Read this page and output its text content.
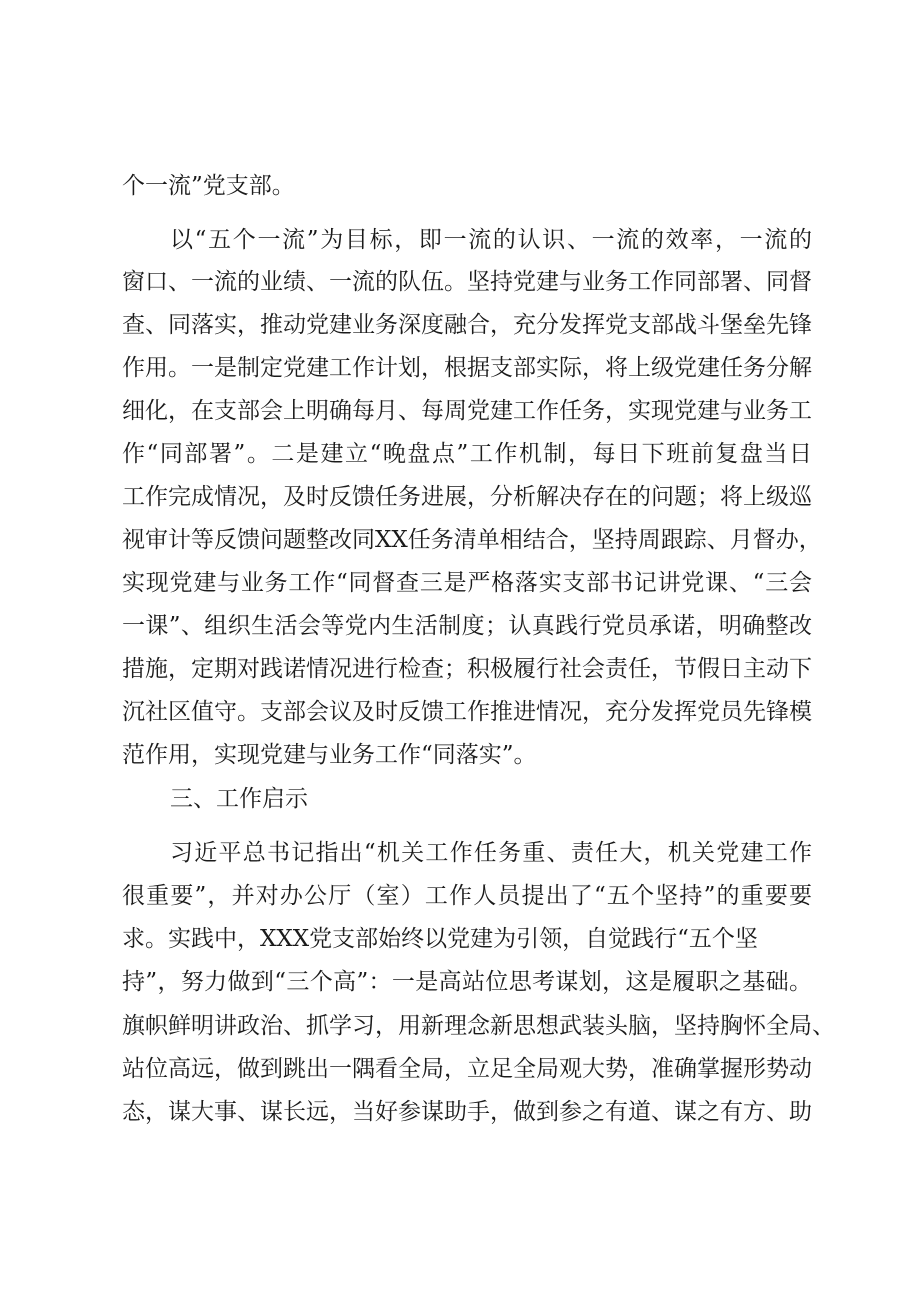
个一流”党支部。
以“五个一流”为目标，即一流的认识、一流的效率，一流的
窗口、一流的业绩、一流的队伍。坚持党建与业务工作同部署、同督
查、同落实，推动党建业务深度融合，充分发挥党支部战斗堡垒先锋
作用。一是制定党建工作计划，根据支部实际，将上级党建任务分解
细化，在支部会上明确每月、每周党建工作任务，实现党建与业务工
作“同部署”。二是建立“晚盘点”工作机制，每日下班前复盘当日
工作完成情况，及时反馈任务进展，分析解决存在的问题；将上级巡
视审计等反馈问题整改同XX任务清单相结合，坚持周跟踪、月督办，
实现党建与业务工作“同督查三是严格落实支部书记讲党课、“三会
一课”、组织生活会等党内生活制度；认真践行党员承诺，明确整改
措施，定期对践诺情况进行检查；积极履行社会责任，节假日主动下
沉社区值守。支部会议及时反馈工作推进情况，充分发挥党员先锋模
范作用，实现党建与业务工作“同落实”。
三、工作启示
习近平总书记指出“机关工作任务重、责任大，机关党建工作
很重要”，并对办公厅（室）工作人员提出了“五个坚持”的重要要
求。实践中，XXX党支部始终以党建为引领，自觉践行“五个坚
持”，努力做到“三个高”：一是高站位思考谋划，这是履职之基础。
旗帜鲜明讲政治、抓学习，用新理念新思想武装头脑，坚持胸怀全局、
站位高远，做到跳出一隅看全局，立足全局观大势，准确掌握形势动
态，谋大事、谋长远，当好参谋助手，做到参之有道、谋之有方、助
